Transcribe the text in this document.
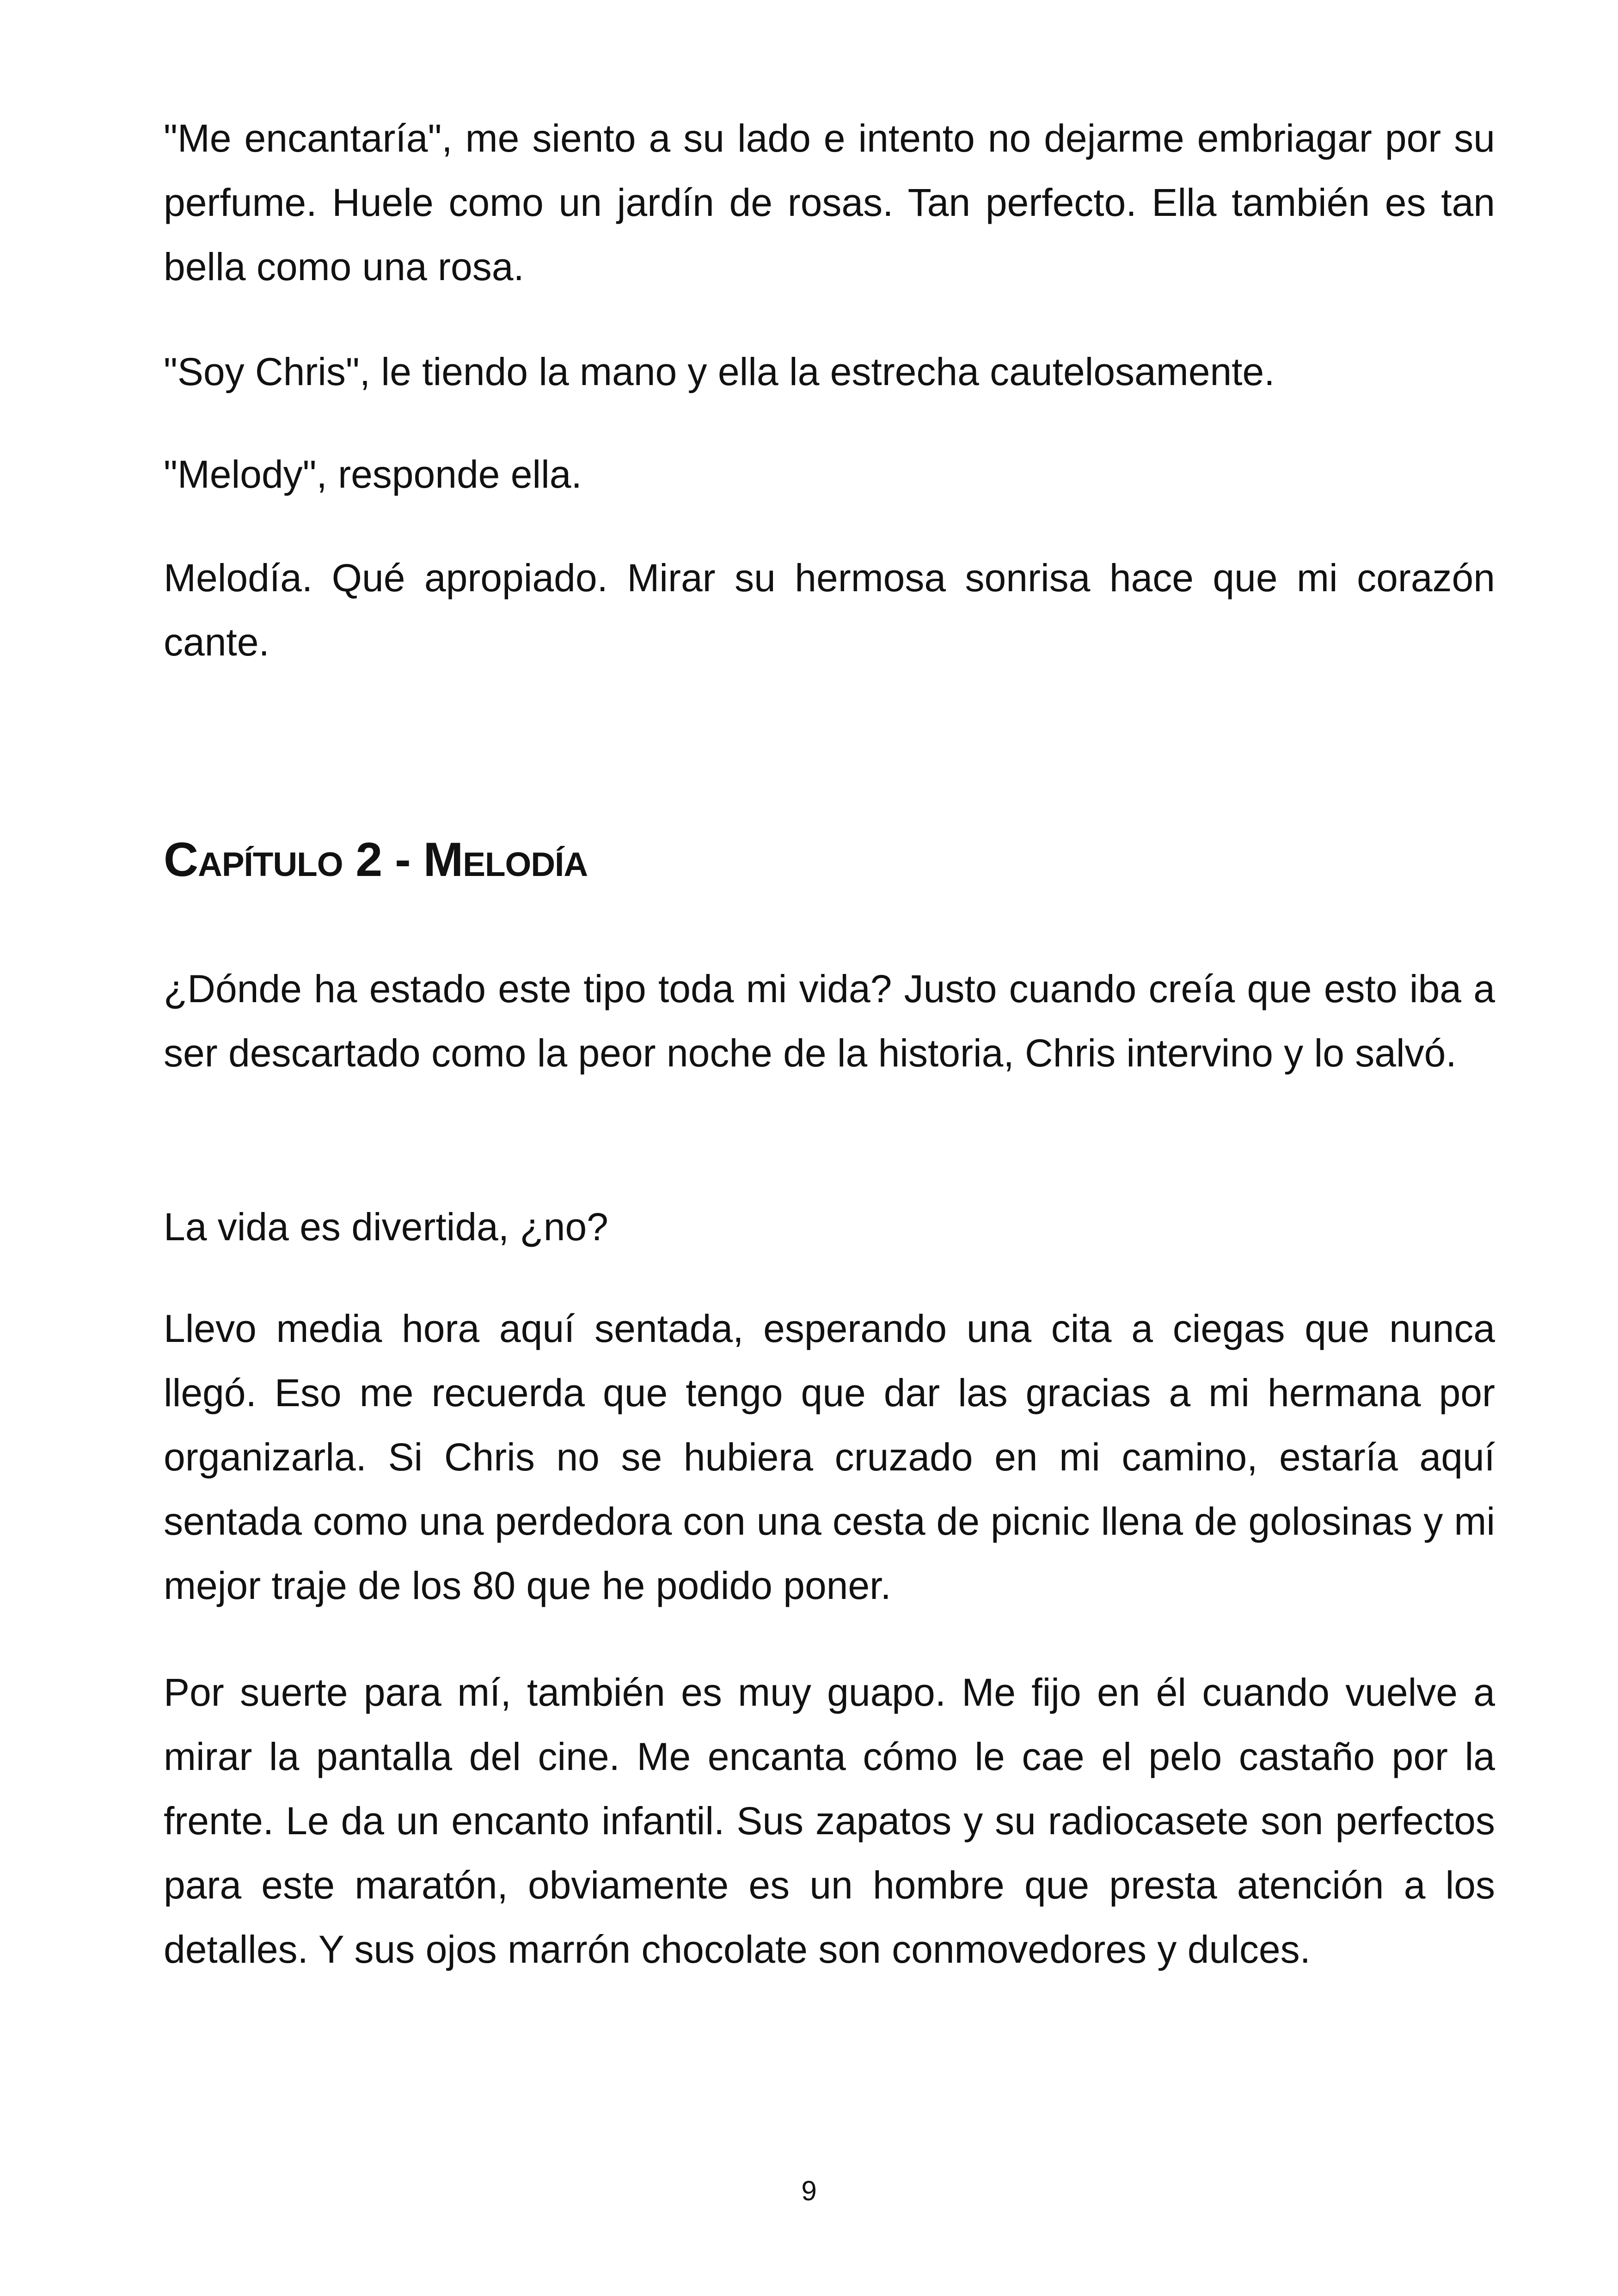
"Me encantaría", me siento a su lado e intento no dejarme embriagar por su perfume. Huele como un jardín de rosas. Tan perfecto. Ella también es tan bella como una rosa.

"Soy Chris", le tiendo la mano y ella la estrecha cautelosamente.

"Melody", responde ella.

Melodía. Qué apropiado. Mirar su hermosa sonrisa hace que mi corazón cante.

Capítulo 2 - Melodía

¿Dónde ha estado este tipo toda mi vida? Justo cuando creía que esto iba a ser descartado como la peor noche de la historia, Chris intervino y lo salvó.

La vida es divertida, ¿no?

Llevo media hora aquí sentada, esperando una cita a ciegas que nunca llegó. Eso me recuerda que tengo que dar las gracias a mi hermana por organizarla. Si Chris no se hubiera cruzado en mi camino, estaría aquí sentada como una perdedora con una cesta de picnic llena de golosinas y mi mejor traje de los 80 que he podido poner.

Por suerte para mí, también es muy guapo. Me fijo en él cuando vuelve a mirar la pantalla del cine. Me encanta cómo le cae el pelo castaño por la frente. Le da un encanto infantil. Sus zapatos y su radiocasete son perfectos para este maratón, obviamente es un hombre que presta atención a los detalles. Y sus ojos marrón chocolate son conmovedores y dulces.

9
